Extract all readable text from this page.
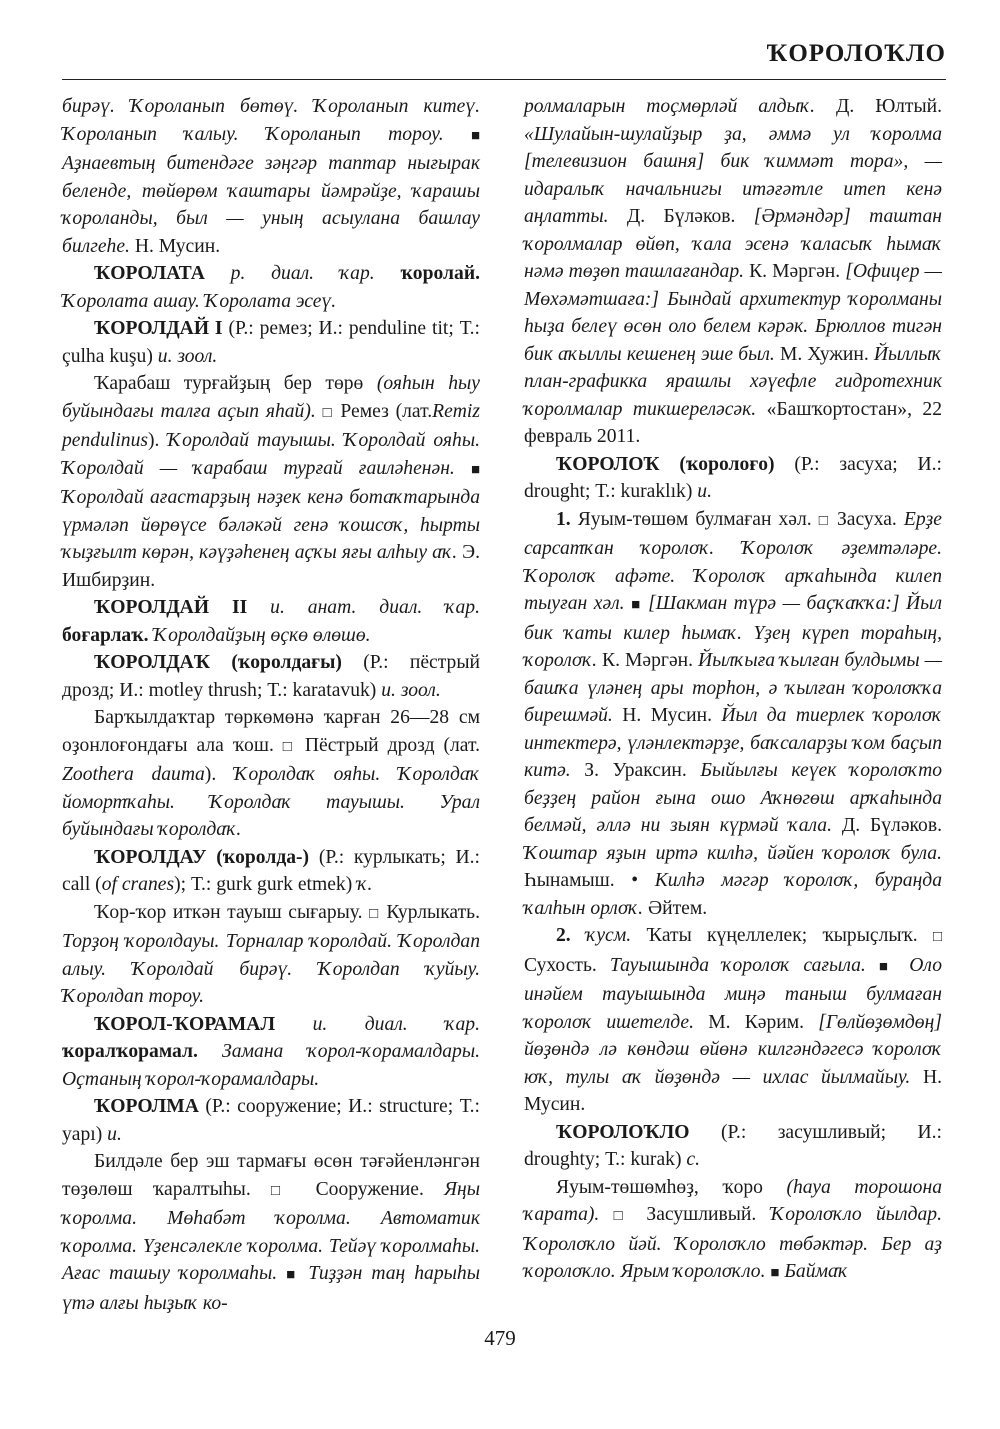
ҠОРОЛОҠЛО

бирәү. Ҡороланып бөтөү. Ҡороланып китеү. Ҡороланып ҡалыу. Ҡороланып тороу. ■ Аҙнаевтың битендәге зәңгәр таптар нығырак беленде, төйөрөм ҡаштары йәмрәйҙе, ҡарашы ҡороланды, был — уның асыулана башлау билгеһе. Н. Мусин.

ҠОРОЛАТА р. диал. ҡар. ҡоролай. Ҡоролата ашау. Ҡоролата эсеү.

ҠОРОЛДАЙ I (Р.: ремез; И.: penduline tit; Т.: çulha kuşu) и. зоол.

Ҡарабаш турғайҙың бер төрө (ояһын һыу буйындағы талға аҫып яһай). □ Ремез (лат.Remiz pendulinus). Ҡоролдай тауышы. Ҡоролдай ояһы. Ҡоролдай — ҡарабаш турғай ғаиләһенән. ■ Ҡоролдай ағастарҙың нәҙек кенә ботаҡтарында үрмәләп йөрөүсе бәләкәй генә ҡошсоҡ, һырты ҡыҙғылт көрән, кәүҙәһенең аҫҡы яғы алһыу аҡ. Э. Ишбирҙин.

ҠОРОЛДАЙ II и. анат. диал. ҡар. боғарлаҡ. Ҡоролдайҙың өҫкө өлөшө.

ҠОРОЛДАҠ (ҡоролдағы) (Р.: пёстрый дрозд; И.: motley thrush; Т.: karatavuk) и. зоол.

Барҡылдаҡтар төркөмөнә ҡарған 26—28 см оҙонлоғондағы ала ҡош. □ Пёстрый дрозд (лат. Zoothera dauma). Ҡоролдаҡ ояһы. Ҡоролдаҡ йомортҡаһы. Ҡоролдаҡ тауышы. Урал буйындағы ҡоролдаҡ.

ҠОРОЛДАУ (ҡоролда-) (Р.: курлыкать; И.: call (of cranes); Т.: gurk gurk etmek) ҡ.

Ҡор-ҡор иткән тауыш сығарыу. □ Курлыкать. Торҙоң ҡоролдауы. Торналар ҡоролдай. Ҡоролдап алыу. Ҡоролдай бирәү. Ҡоролдап ҡуйыу. Ҡоролдап тороу.

ҠОРОЛ-ҠОРАМАЛ и. диал. ҡар. ҡоралҡорамал. Замана ҡорол-ҡорамалдары. Оҫтаның ҡорол-ҡорамалдары.

ҠОРОЛМА (Р.: сооружение; И.: structure; Т.: yapı) и.

Билдәле бер эш тармағы өсөн тәғәйенләнгән төҙөлөш ҡаралтыһы. □ Сооружение. Яңы ҡоролма. Мөһабәт ҡоролма. Автоматик ҡоролма. Үҙенсәлекле ҡоролма. Тейәү ҡоролмаһы. Ағас ташыу ҡоролмаһы. ■ Тиҙҙән таң һарыһы үтә алғы һыҙыҡ ко-

ролмаларын тоҫмөрләй алдыҡ. Д. Юлтый. «Шулайын-шулайҙыр ҙа, әммә ул ҡоролма [телевизион башня] бик ҡиммәт тора», — идаралыҡ начальнигы итәғәтле итеп кенә аңлатты. Д. Бүләков. [Әрмәндәр] таштан ҡоролмалар өйөп, ҡала эсенә ҡаласыҡ һымаҡ нәмә төҙөп ташлағандар. К. Мәргән. [Офицер — Мөхәмәтшаға:] Бындай архитектур ҡоролманы һыҙа белеү өсөн оло белем кәрәк. Брюллов тигән бик аҡыллы кешенең эше был. М. Хужин. Йыллыҡ план-графикка ярашлы хәүефле гидротехник ҡоролмалар тикшереләсәк. «Башҡортостан», 22 февраль 2011.

ҠОРОЛОҠ (ҡоролоғо) (Р.: засуха; И.: drought; Т.: kuraklık) и.

1. Яуым-төшөм булмаған хәл. □ Засуха. Ерҙе сарсатҡан ҡоролоҡ. Ҡоролоҡ әҙемтәләре. Ҡоролоҡ афәте. Ҡоролоҡ арҡаһында килеп тыуған хәл. ■ [Шакман түрә — баҫҡаҡҡа:] Йыл бик ҡаты килер һымаҡ. Үҙең күреп тораһың, ҡоролоҡ. К. Мәргән. Йылҡыға ҡылған булдымы — башҡа үләнең ары торһон, ә ҡылған ҡоролоҡҡа бирешмәй. Н. Мусин. Йыл да тиерлек ҡоролоҡ интектерә, үләнлектәрҙе, баҡсаларҙы ҡом баҫып китә. З. Ураксин. Быйылғы кеүек ҡоролоҡто беҙҙең район ғына ошо Аҡнөгөш арҡаһында белмәй, әллә ни зыян күрмәй ҡала. Д. Бүләков. Ҡоштар яҙын иртә килһә, йәйен ҡоролоҡ була. Һынамыш. • Килһә мәгәр ҡоролоҡ, бураңда ҡалһын орлоҡ. Әйтем.

2. ҡусм. Ҡаты күңеллелек; ҡырыҫлыҡ. □ Сухость. Тауышында ҡоролоҡ сағыла. ■ Оло инәйем тауышында миңә таныш булмаған ҡоролоҡ ишетелде. М. Кәрим. [Гөлйөҙөмдөң] йөҙөндә лә көндәш өйөнә килгәндәгесә ҡоролоҡ юҡ, тулы аҡ йөҙөндә — ихлас йылмайыу. Н. Мусин.

ҠОРОЛОҠЛО (Р.: засушливый; И.: droughty; Т.: kurak) с.

Яуым-төшөмһөҙ, ҡоро (һауа торошона ҡарата). □ Засушливый. Ҡоролоҡло йылдар. Ҡоролоҡло йәй. Ҡоролоҡло төбәктәр. Бер аҙ ҡоролоҡло. Ярым ҡоролоҡло. ■ Баймаҡ

479
